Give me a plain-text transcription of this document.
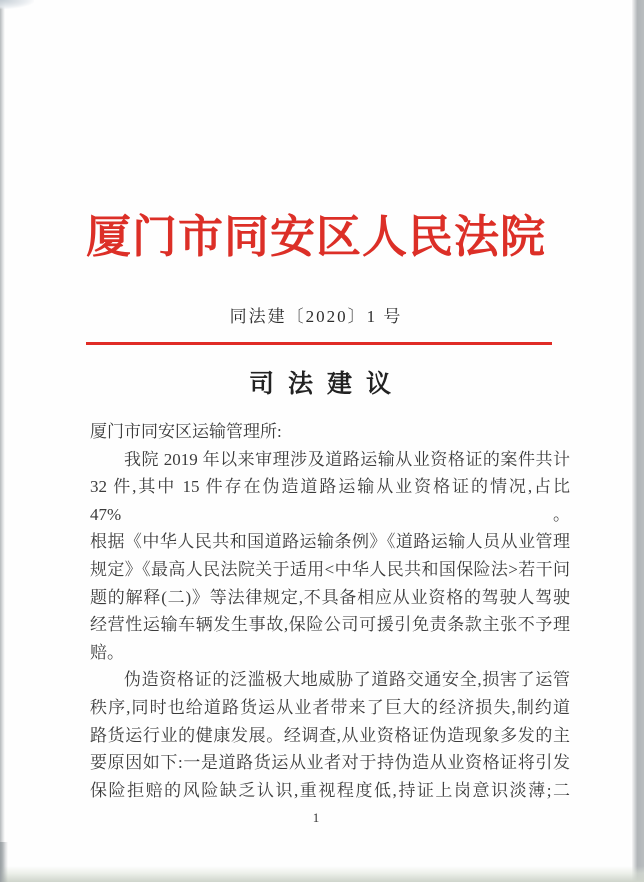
厦门市同安区人民法院
同法建〔2020〕1 号
司法建议
厦门市同安区运输管理所:
我院 2019 年以来审理涉及道路运输从业资格证的案件共计
32 件,其中 15 件存在伪造道路运输从业资格证的情况,占比 47%。
根据《中华人民共和国道路运输条例》《道路运输人员从业管理
规定》《最高人民法院关于适用<中华人民共和国保险法>若干问
题的解释(二)》等法律规定,不具备相应从业资格的驾驶人驾驶
经营性运输车辆发生事故,保险公司可援引免责条款主张不予理
赔。
伪造资格证的泛滥极大地威胁了道路交通安全,损害了运管
秩序,同时也给道路货运从业者带来了巨大的经济损失,制约道
路货运行业的健康发展。经调查,从业资格证伪造现象多发的主
要原因如下:一是道路货运从业者对于持伪造从业资格证将引发
保险拒赔的风险缺乏认识,重视程度低,持证上岗意识淡薄;二
1
